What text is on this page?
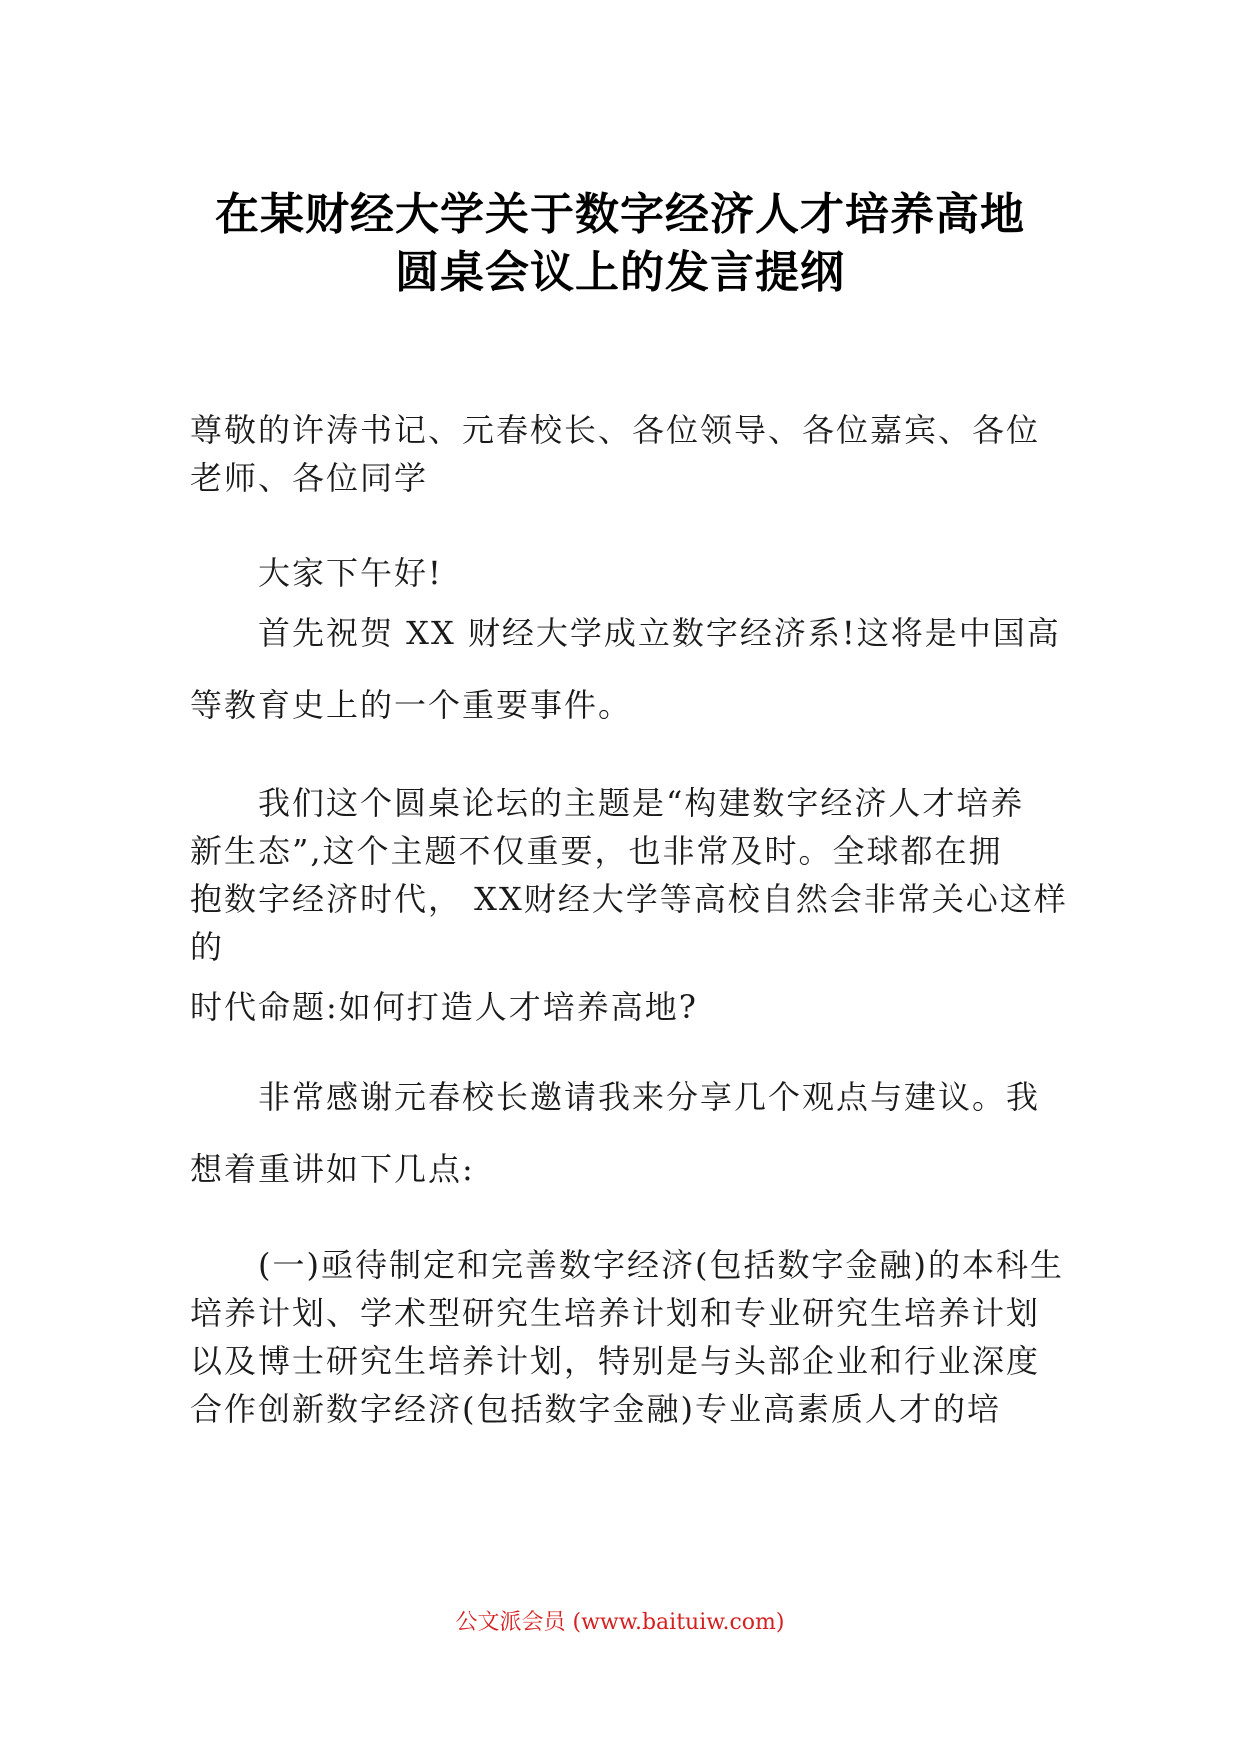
在某财经大学关于数字经济人才培养高地
圆桌会议上的发言提纲
尊敬的许涛书记、元春校长、各位领导、各位嘉宾、各位
老师、各位同学
大家下午好!
首先祝贺 XX 财经大学成立数字经济系!这将是中国高
等教育史上的一个重要事件。
我们这个圆桌论坛的主题是“构建数字经济人才培养
新生态”,这个主题不仅重要，也非常及时。全球都在拥
抱数字经济时代， XX财经大学等高校自然会非常关心这样
的
时代命题:如何打造人才培养高地?
非常感谢元春校长邀请我来分享几个观点与建议。我
想着重讲如下几点:
(一)亟待制定和完善数字经济(包括数字金融)的本科生
培养计划、学术型研究生培养计划和专业研究生培养计划
以及博士研究生培养计划，特别是与头部企业和行业深度
合作创新数字经济(包括数字金融)专业高素质人才的培
公文派会员 (www.baituiw.com)
